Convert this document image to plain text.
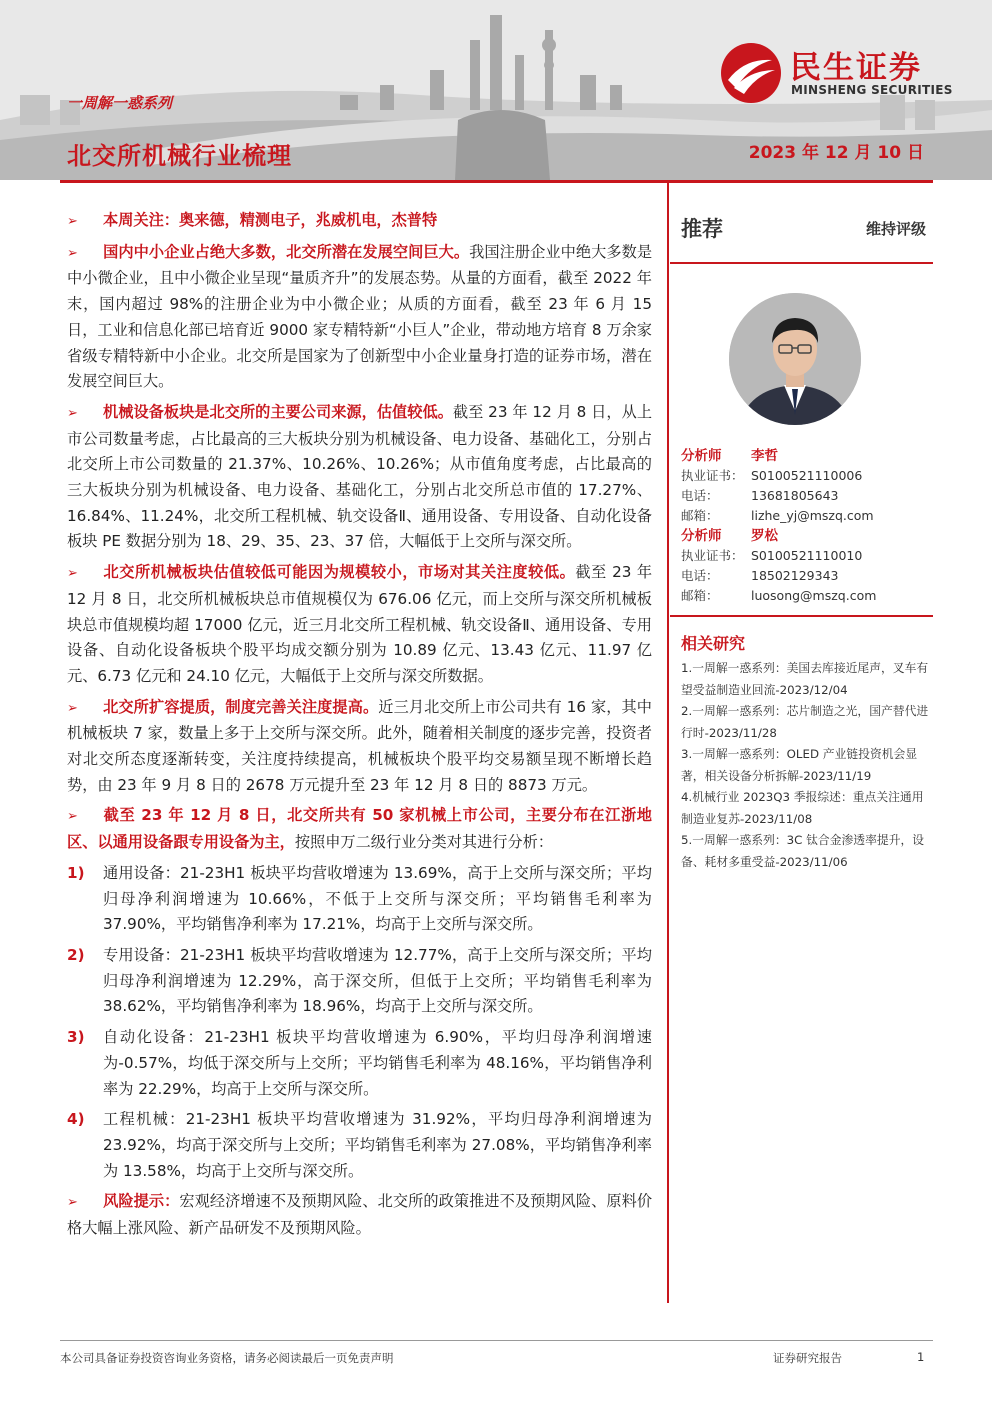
一周解一惑系列
北交所机械行业梳理	2023 年 12 月 10 日
民生证券
MINSHENG SECURITIES
➢ 本周关注：奥来德，精测电子，兆威机电，杰普特
➢ 国内中小企业占绝大多数，北交所潜在发展空间巨大。我国注册企业中绝大多数是中小微企业，且中小微企业呈现“量质齐升”的发展态势。从量的方面看，截至 2022 年末，国内超过 98%的注册企业为中小微企业；从质的方面看，截至 23 年 6 月 15 日，工业和信息化部已培育近 9000 家专精特新“小巨人”企业，带动地方培育 8 万余家省级专精特新中小企业。北交所是国家为了创新型中小企业量身打造的证券市场，潜在发展空间巨大。
➢ 机械设备板块是北交所的主要公司来源，估值较低。截至 23 年 12 月 8 日，从上市公司数量考虑，占比最高的三大板块分别为机械设备、电力设备、基础化工，分别占北交所上市公司数量的 21.37%、10.26%、10.26%；从市值角度考虑，占比最高的三大板块分别为机械设备、电力设备、基础化工，分别占北交所总市值的 17.27%、16.84%、11.24%，北交所工程机械、轨交设备Ⅱ、通用设备、专用设备、自动化设备板块 PE 数据分别为 18、29、35、23、37 倍，大幅低于上交所与深交所。
➢ 北交所机械板块估值较低可能因为规模较小，市场对其关注度较低。截至 23 年 12 月 8 日，北交所机械板块总市值规模仅为 676.06 亿元，而上交所与深交所机械板块总市值规模均超 17000 亿元，近三月北交所工程机械、轨交设备Ⅱ、通用设备、专用设备、自动化设备板块个股平均成交额分别为 10.89 亿元、13.43 亿元、11.97 亿元、6.73 亿元和 24.10 亿元，大幅低于上交所与深交所数据。
➢ 北交所扩容提质，制度完善关注度提高。近三月北交所上市公司共有 16 家，其中机械板块 7 家，数量上多于上交所与深交所。此外，随着相关制度的逐步完善，投资者对北交所态度逐渐转变，关注度持续提高，机械板块个股平均交易额呈现不断增长趋势，由 23 年 9 月 8 日的 2678 万元提升至 23 年 12 月 8 日的 8873 万元。
➢ 截至 23 年 12 月 8 日，北交所共有 50 家机械上市公司，主要分布在江浙地区、以通用设备跟专用设备为主，按照申万二级行业分类对其进行分析：
1) 通用设备：21-23H1 板块平均营收增速为 13.69%，高于上交所与深交所；平均归母净利润增速为 10.66%，不低于上交所与深交所；平均销售毛利率为 37.90%，平均销售净利率为 17.21%，均高于上交所与深交所。
2) 专用设备：21-23H1 板块平均营收增速为 12.77%，高于上交所与深交所；平均归母净利润增速为 12.29%，高于深交所，但低于上交所；平均销售毛利率为 38.62%，平均销售净利率为 18.96%，均高于上交所与深交所。
3) 自动化设备：21-23H1 板块平均营收增速为 6.90%，平均归母净利润增速为-0.57%，均低于深交所与上交所；平均销售毛利率为 48.16%，平均销售净利率为 22.29%，均高于上交所与深交所。
4) 工程机械：21-23H1 板块平均营收增速为 31.92%，平均归母净利润增速为 23.92%，均高于深交所与上交所；平均销售毛利率为 27.08%，平均销售净利率为 13.58%，均高于上交所与深交所。
➢ 风险提示：宏观经济增速不及预期风险、北交所的政策推进不及预期风险、原料价格大幅上涨风险、新产品研发不及预期风险。
推荐	维持评级
分析师 李哲
执业证书： S0100521110006
电话：	13681805643
邮箱：	lizhe_yj@mszq.com
分析师 罗松
执业证书： S0100521110010
电话：	18502129343
邮箱：	luosong@mszq.com
相关研究
1.一周解一惑系列：美国去库接近尾声，叉车有望受益制造业回流-2023/12/04
2.一周解一惑系列：芯片制造之光，国产替代进行时-2023/11/28
3.一周解一惑系列：OLED 产业链投资机会显著，相关设备分析拆解-2023/11/19
4.机械行业 2023Q3 季报综述：重点关注通用制造业复苏-2023/11/08
5.一周解一惑系列：3C 钛合金渗透率提升，设备、耗材多重受益-2023/11/06
本公司具备证券投资咨询业务资格，请务必阅读最后一页免责声明	证券研究报告	1
